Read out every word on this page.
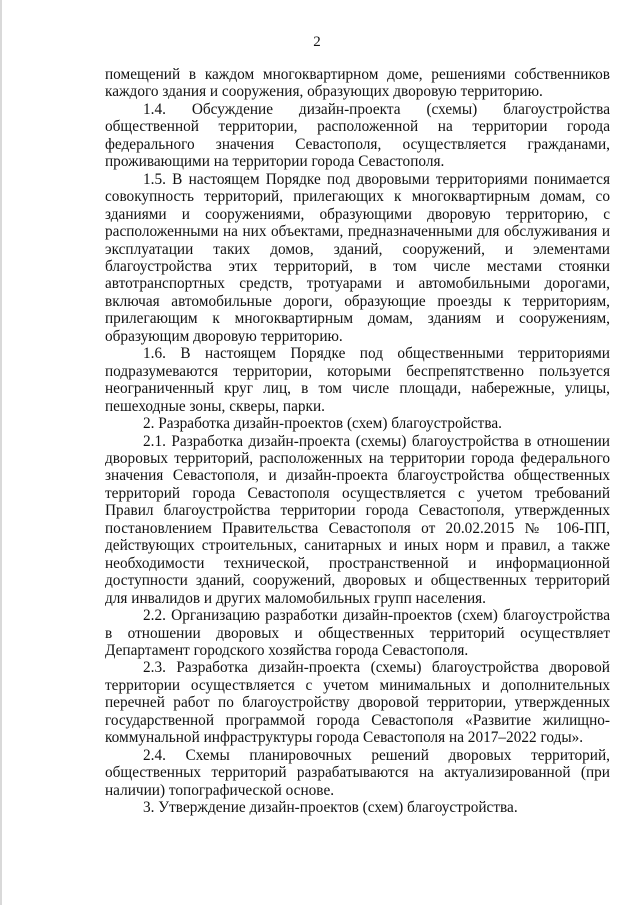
2

помещений в каждом многоквартирном доме, решениями собственников каждого здания и сооружения, образующих дворовую территорию.

1.4. Обсуждение дизайн-проекта (схемы) благоустройства общественной территории, расположенной на территории города федерального значения Севастополя, осуществляется гражданами, проживающими на территории города Севастополя.

1.5. В настоящем Порядке под дворовыми территориями понимается совокупность территорий, прилегающих к многоквартирным домам, со зданиями и сооружениями, образующими дворовую территорию, с расположенными на них объектами, предназначенными для обслуживания и эксплуатации таких домов, зданий, сооружений, и элементами благоустройства этих территорий, в том числе местами стоянки автотранспортных средств, тротуарами и автомобильными дорогами, включая автомобильные дороги, образующие проезды к территориям, прилегающим к многоквартирным домам, зданиям и сооружениям, образующим дворовую территорию.

1.6. В настоящем Порядке под общественными территориями подразумеваются территории, которыми беспрепятственно пользуется неограниченный круг лиц, в том числе площади, набережные, улицы, пешеходные зоны, скверы, парки.

2. Разработка дизайн-проектов (схем) благоустройства.

2.1. Разработка дизайн-проекта (схемы) благоустройства в отношении дворовых территорий, расположенных на территории города федерального значения Севастополя, и дизайн-проекта благоустройства общественных территорий города Севастополя осуществляется с учетом требований Правил благоустройства территории города Севастополя, утвержденных постановлением Правительства Севастополя от 20.02.2015 № 106-ПП, действующих строительных, санитарных и иных норм и правил, а также необходимости технической, пространственной и информационной доступности зданий, сооружений, дворовых и общественных территорий для инвалидов и других маломобильных групп населения.

2.2. Организацию разработки дизайн-проектов (схем) благоустройства в отношении дворовых и общественных территорий осуществляет Департамент городского хозяйства города Севастополя.

2.3. Разработка дизайн-проекта (схемы) благоустройства дворовой территории осуществляется с учетом минимальных и дополнительных перечней работ по благоустройству дворовой территории, утвержденных государственной программой города Севастополя «Развитие жилищно-коммунальной инфраструктуры города Севастополя на 2017–2022 годы».

2.4. Схемы планировочных решений дворовых территорий, общественных территорий разрабатываются на актуализированной (при наличии) топографической основе.

3. Утверждение дизайн-проектов (схем) благоустройства.
